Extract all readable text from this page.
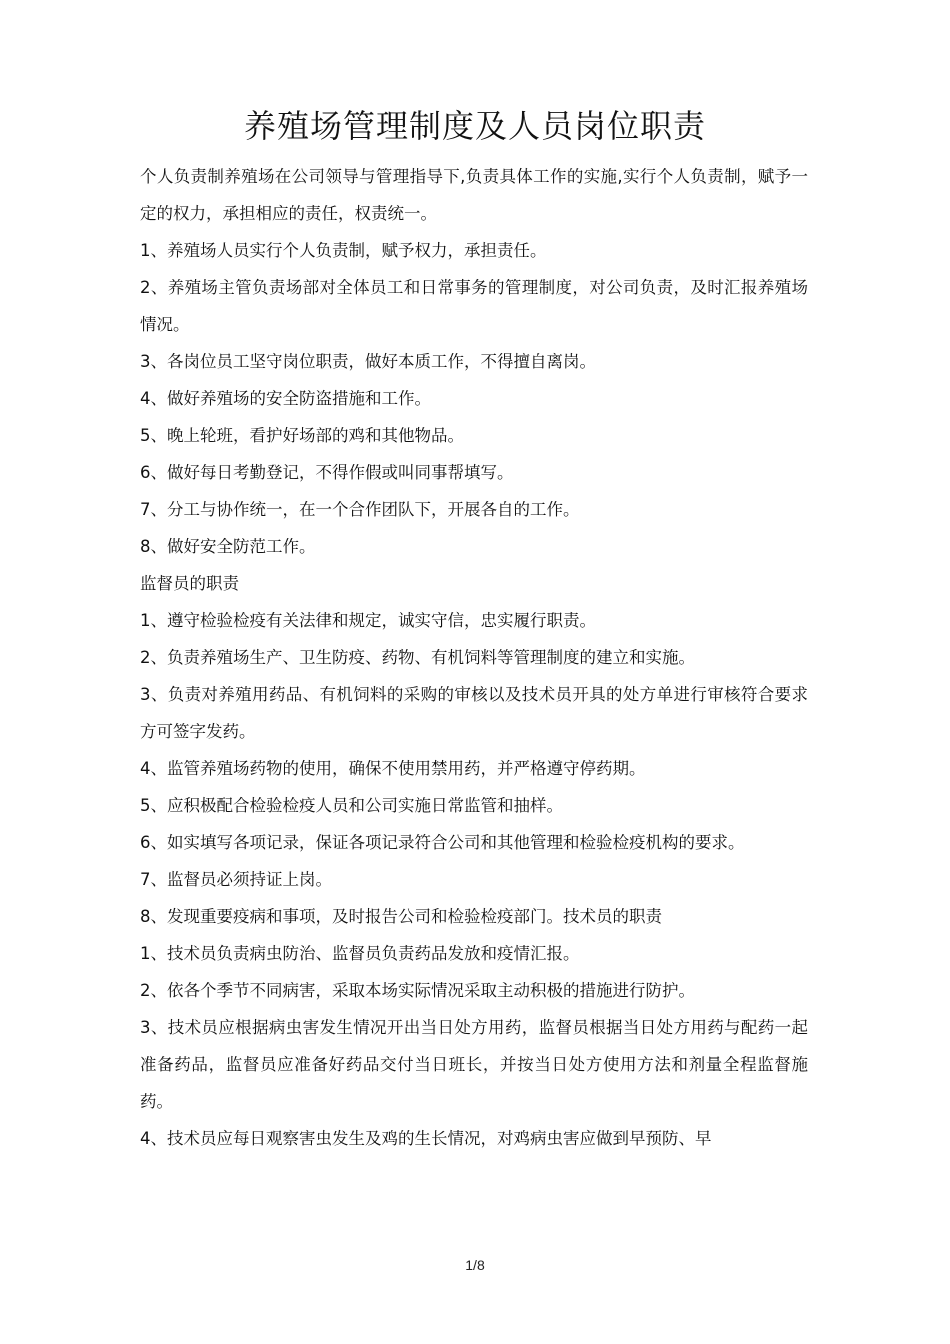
养殖场管理制度及人员岗位职责

个人负责制养殖场在公司领导与管理指导下,负责具体工作的实施,实行个人负责制，赋予一定的权力，承担相应的责任，权责统一。

1、养殖场人员实行个人负责制，赋予权力，承担责任。

2、养殖场主管负责场部对全体员工和日常事务的管理制度，对公司负责，及时汇报养殖场情况。

3、各岗位员工坚守岗位职责，做好本质工作，不得擅自离岗。

4、做好养殖场的安全防盗措施和工作。

5、晚上轮班，看护好场部的鸡和其他物品。

6、做好每日考勤登记，不得作假或叫同事帮填写。

7、分工与协作统一，在一个合作团队下，开展各自的工作。

8、做好安全防范工作。

监督员的职责

1、遵守检验检疫有关法律和规定，诚实守信，忠实履行职责。

2、负责养殖场生产、卫生防疫、药物、有机饲料等管理制度的建立和实施。

3、负责对养殖用药品、有机饲料的采购的审核以及技术员开具的处方单进行审核符合要求方可签字发药。

4、监管养殖场药物的使用，确保不使用禁用药，并严格遵守停药期。

5、应积极配合检验检疫人员和公司实施日常监管和抽样。

6、如实填写各项记录，保证各项记录符合公司和其他管理和检验检疫机构的要求。

7、监督员必须持证上岗。

8、发现重要疫病和事项，及时报告公司和检验检疫部门。技术员的职责

1、技术员负责病虫防治、监督员负责药品发放和疫情汇报。

2、依各个季节不同病害，采取本场实际情况采取主动积极的措施进行防护。

3、技术员应根据病虫害发生情况开出当日处方用药，监督员根据当日处方用药与配药一起准备药品，监督员应准备好药品交付当日班长，并按当日处方使用方法和剂量全程监督施药。

4、技术员应每日观察害虫发生及鸡的生长情况，对鸡病虫害应做到早预防、早

1/8
